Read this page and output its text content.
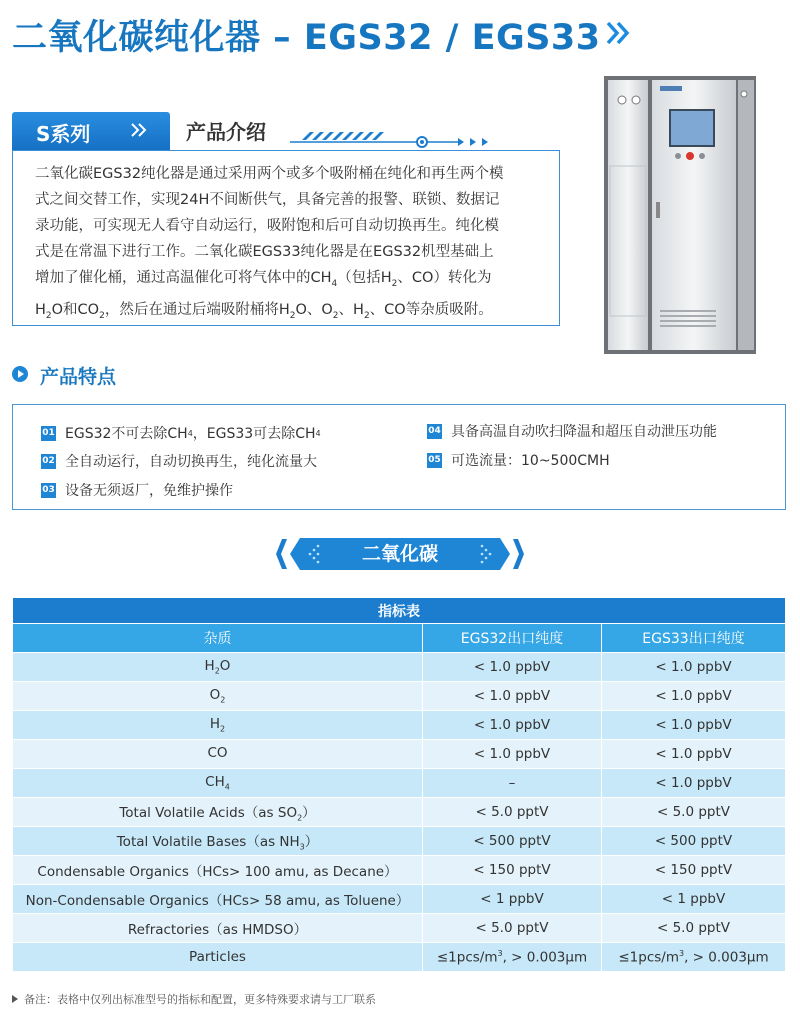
二氧化碳纯化器 – EGS32 / EGS33
S系列	产品介绍
二氧化碳EGS32纯化器是通过采用两个或多个吸附桶在纯化和再生两个模
式之间交替工作，实现24H不间断供气，具备完善的报警、联锁、数据记
录功能，可实现无人看守自动运行，吸附饱和后可自动切换再生。纯化模
式是在常温下进行工作。二氧化碳EGS33纯化器是在EGS32机型基础上
增加了催化桶，通过高温催化可将气体中的$CH_4$（包括$H_2$、CO）转化为
$H_2O$和$CO_2$，然后在通过后端吸附桶将$H_2O$、$O_2$、$H_2$、CO等杂质吸附。
产品特点
01 EGS32不可去除CH 4 ，EGS33可去除CH 4
02 全自动运行，自动切换再生，纯化流量大
03 设备无须返厂，免维护操作
04 具备高温自动吹扫降温和超压自动泄压功能
05 可选流量：10~500CMH
二氧化碳
指标表		
杂质	EGS32出口纯度	EGS33出口纯度
$H_2O$	< 1.0 ppbV	< 1.0 ppbV
$O_2$	< 1.0 ppbV	< 1.0 ppbV
$H_2$	< 1.0 ppbV	< 1.0 ppbV
CO	< 1.0 ppbV	< 1.0 ppbV
$CH_4$	–	< 1.0 ppbV
Total Volatile Acids（as $SO_2$）	< 5.0 pptV	< 5.0 pptV
Total Volatile Bases（as $NH_3$）	< 500 pptV	< 500 pptV
Condensable Organics（HCs> 100 amu, as Decane）	< 150 pptV	< 150 pptV
Non-Condensable Organics（HCs> 58 amu, as Toluene）	< 1 ppbV	< 1 ppbV
Refractories（as HMDSO）	< 5.0 pptV	< 5.0 pptV
Particles	$\le 1pcs/m^3$, > 0.003μm	$\le 1pcs/m^3$, > 0.003μm
备注：表格中仅列出标准型号的指标和配置，更多特殊要求请与工厂联系
